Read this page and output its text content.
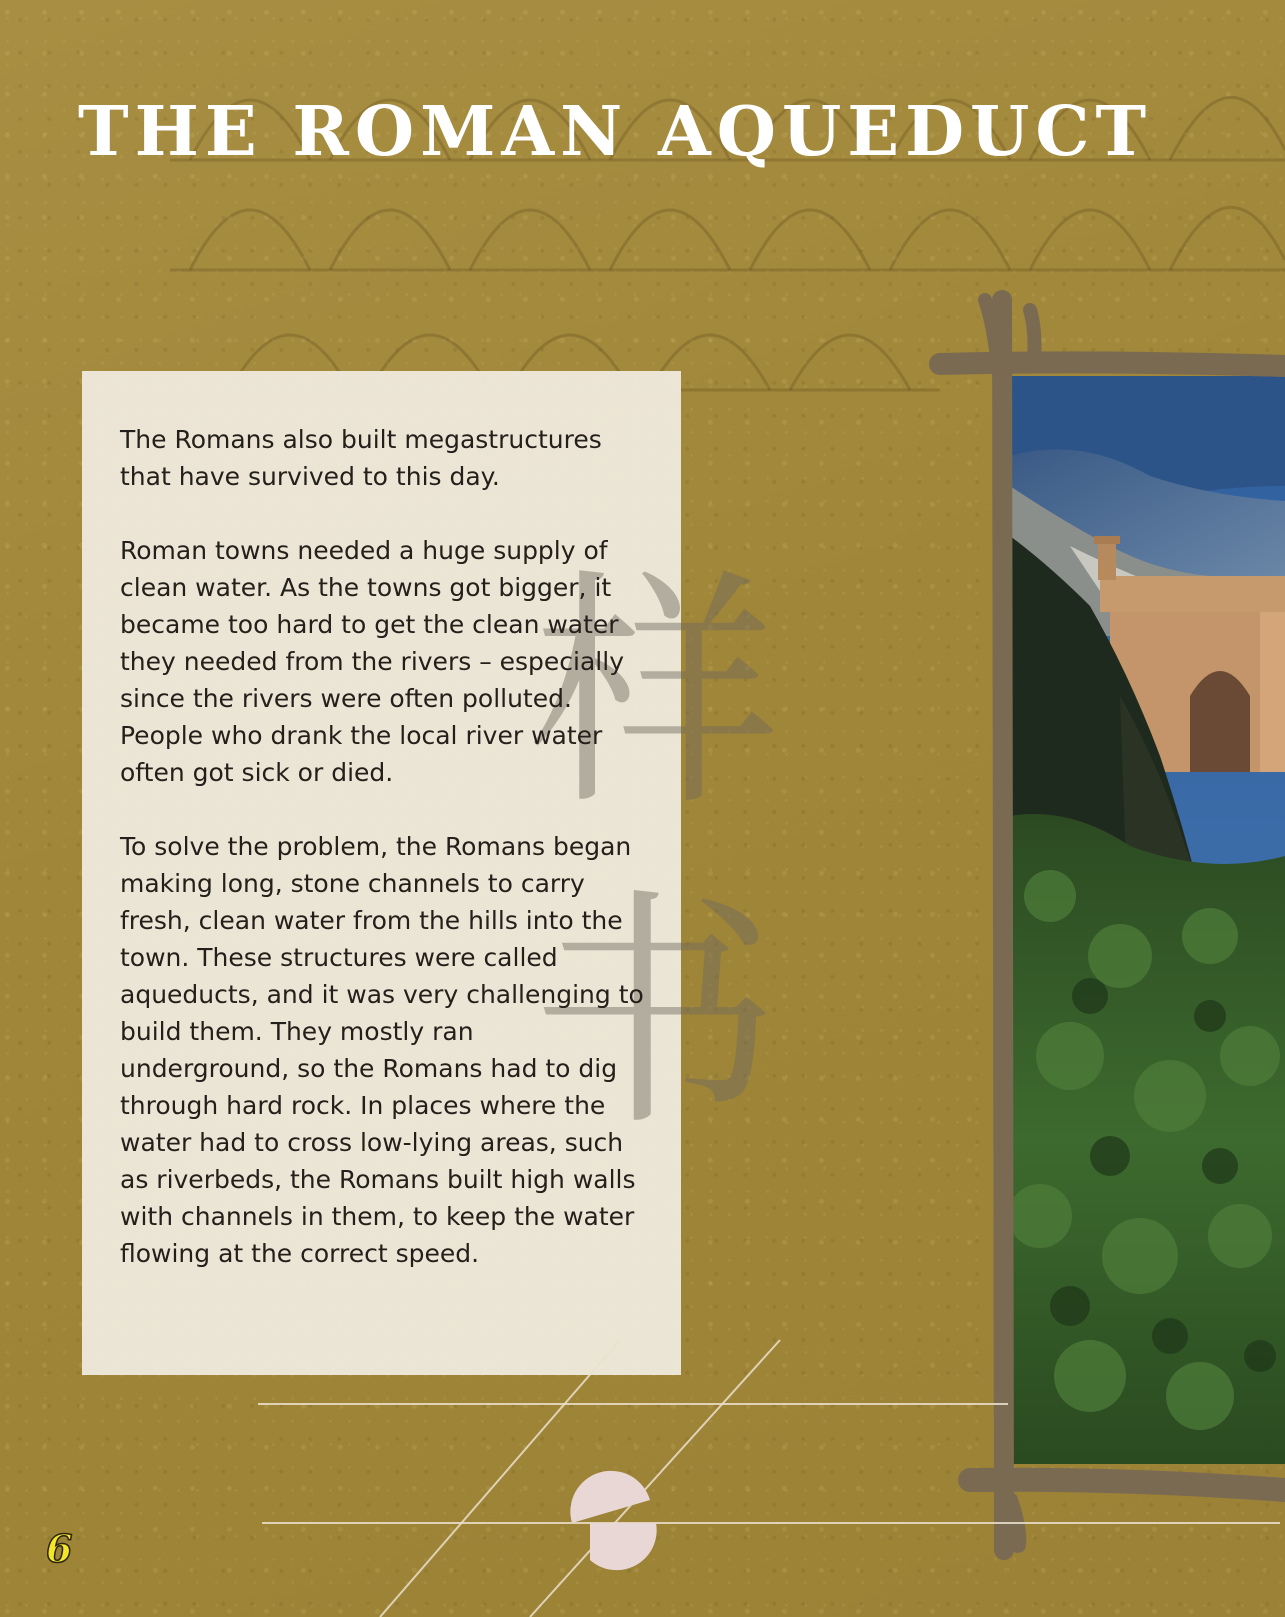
THE ROMAN AQUEDUCT

The Romans also built megastructures that have survived to this day.

Roman towns needed a huge supply of clean water. As the towns got bigger, it became too hard to get the clean water they needed from the rivers – especially since the rivers were often polluted. People who drank the local river water often got sick or died.

To solve the problem, the Romans began making long, stone channels to carry fresh, clean water from the hills into the town. These structures were called aqueducts, and it was very challenging to build them. They mostly ran underground, so the Romans had to dig through hard rock. In places where the water had to cross low-lying areas, such as riverbeds, the Romans built high walls with channels in them, to keep the water flowing at the correct speed.

样
书
6
